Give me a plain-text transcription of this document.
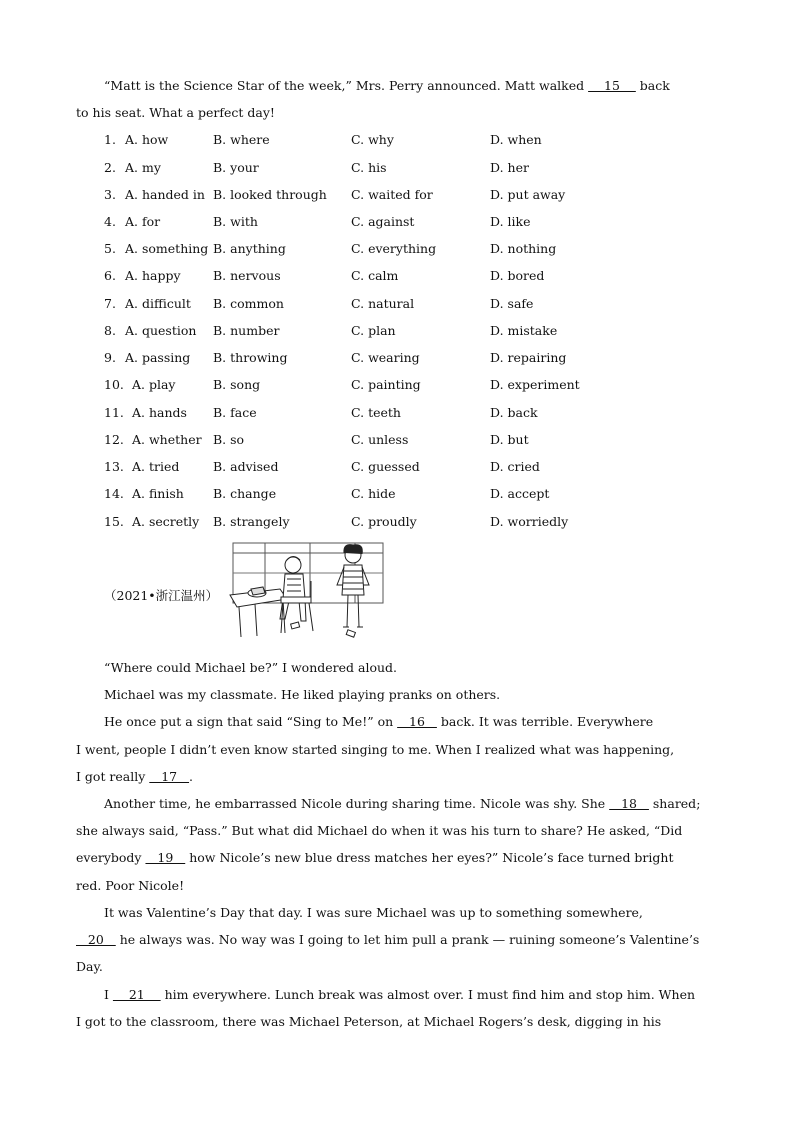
“Matt is the Science Star of the week,” Mrs. Perry announced. Matt walked     15     back
to his seat. What a perfect day!
1. A. how	B. where	C. why	D. when
2. A. my	B. your	C. his	D. her
3. A. handed in B. looked through C. waited for	D. put away
4. A. for	B. with	C. against	D. like
5. A. something B. anything	C. everything	D. nothing
6. A. happy	B. nervous	C. calm	D. bored
7. A. difficult B. common	C. natural	D. safe
8. A. question B. number	C. plan	D. mistake
9. A. passing B. throwing	C. wearing	D. repairing
10. A. play	B. song	C. painting	D. experiment
11. A. hands B. face	C. teeth	D. back
12. A. whether B. so	C. unless	D. but
13. A. tried	B. advised	C. guessed	D. cried
14. A. finish B. change	C. hide	D. accept
15. A. secretly B. strangely	C. proudly	D. worriedly
（2021•浙江温州）
“Where could Michael be?” I wondered aloud.
Michael was my classmate. He liked playing pranks on others.
He once put a sign that said “Sing to Me!” on    16    back. It was terrible. Everywhere
I went, people I didn’t even know started singing to me. When I realized what was happening,
I got really    17   .
Another time, he embarrassed Nicole during sharing time. Nicole was shy. She    18    shared;
she always said, “Pass.” But what did Michael do when it was his turn to share? He asked, “Did
everybody    19    how Nicole’s new blue dress matches her eyes?” Nicole’s face turned bright
red. Poor Nicole!
It was Valentine’s Day that day. I was sure Michael was up to something somewhere,
20    he always was. No way was I going to let him pull a prank — ruining someone’s Valentine’s
Day.
I     21     him everywhere. Lunch break was almost over. I must find him and stop him. When
I got to the classroom, there was Michael Peterson, at Michael Rogers’s desk, digging in his
